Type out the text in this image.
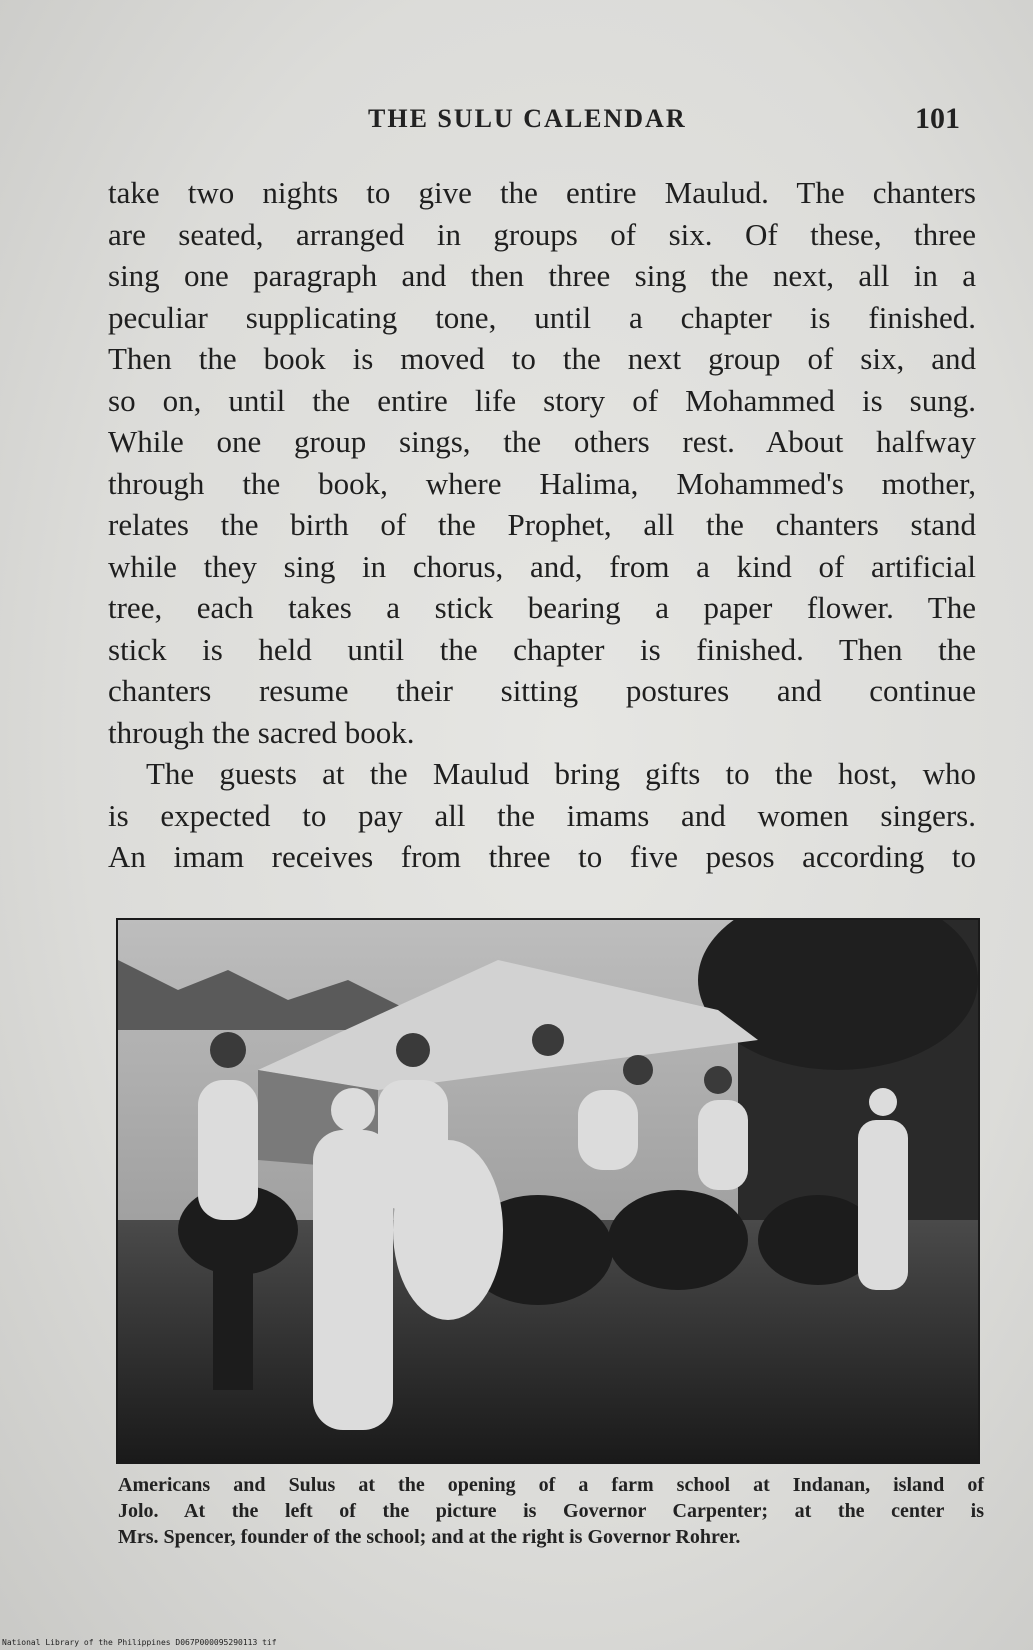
THE SULU CALENDAR	101
take two nights to give the entire Maulud. The chanters
are seated, arranged in groups of six. Of these, three
sing one paragraph and then three sing the next, all in a
peculiar supplicating tone, until a chapter is finished.
Then the book is moved to the next group of six, and
so on, until the entire life story of Mohammed is sung.
While one group sings, the others rest. About halfway
through the book, where Halima, Mohammed's mother,
relates the birth of the Prophet, all the chanters stand
while they sing in chorus, and, from a kind of artificial
tree, each takes a stick bearing a paper flower. The
stick is held until the chapter is finished. Then the
chanters resume their sitting postures and continue
through the sacred book.
The guests at the Maulud bring gifts to the host, who
is expected to pay all the imams and women singers.
An imam receives from three to five pesos according to
Americans and Sulus at the opening of a farm school at Indanan, island of
Jolo. At the left of the picture is Governor Carpenter; at the center is
Mrs. Spencer, founder of the school; and at the right is Governor Rohrer.
National Library of the Philippines D067P000095290113 tif
